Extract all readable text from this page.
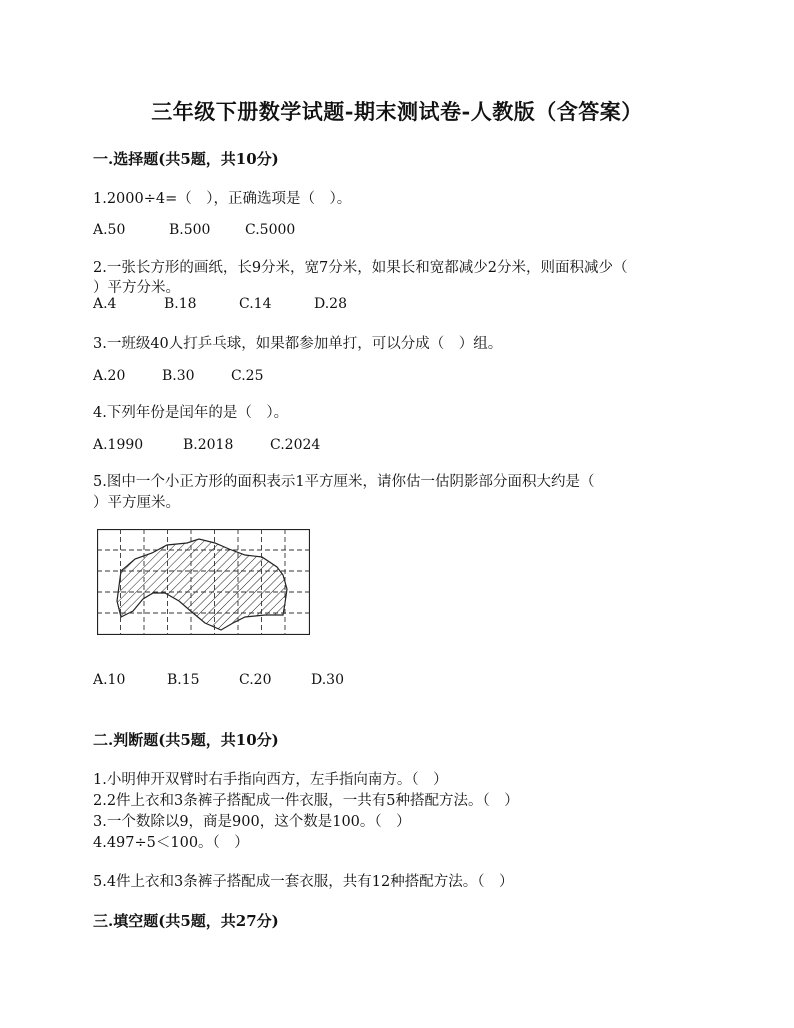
三年级下册数学试题-期末测试卷-人教版（含答案）
一.选择题(共5题，共10分)
1.2000÷4=（　），正确选项是（　）。
A.50	B.500 C.5000
2.一张长方形的画纸，长9分米，宽7分米，如果长和宽都减少2分米，则面积减少（
）平方分米。
A.4	B.18	C.14	D.28
3.一班级40人打乒乓球，如果都参加单打，可以分成（　）组。
A.20	B.30	C.25
4.下列年份是闰年的是（　）。
A.1990	B.2018	C.2024
5.图中一个小正方形的面积表示1平方厘米，请你估一估阴影部分面积大约是（
）平方厘米。
A.10	B.15	C.20	D.30
二.判断题(共5题，共10分)
1.小明伸开双臂时右手指向西方，左手指向南方。（　）
2.2件上衣和3条裤子搭配成一件衣服，一共有5种搭配方法。（　）
3.一个数除以9，商是900，这个数是100。（　）
4.497÷5＜100。（　）
5.4件上衣和3条裤子搭配成一套衣服，共有12种搭配方法。（　）
三.填空题(共5题，共27分)
